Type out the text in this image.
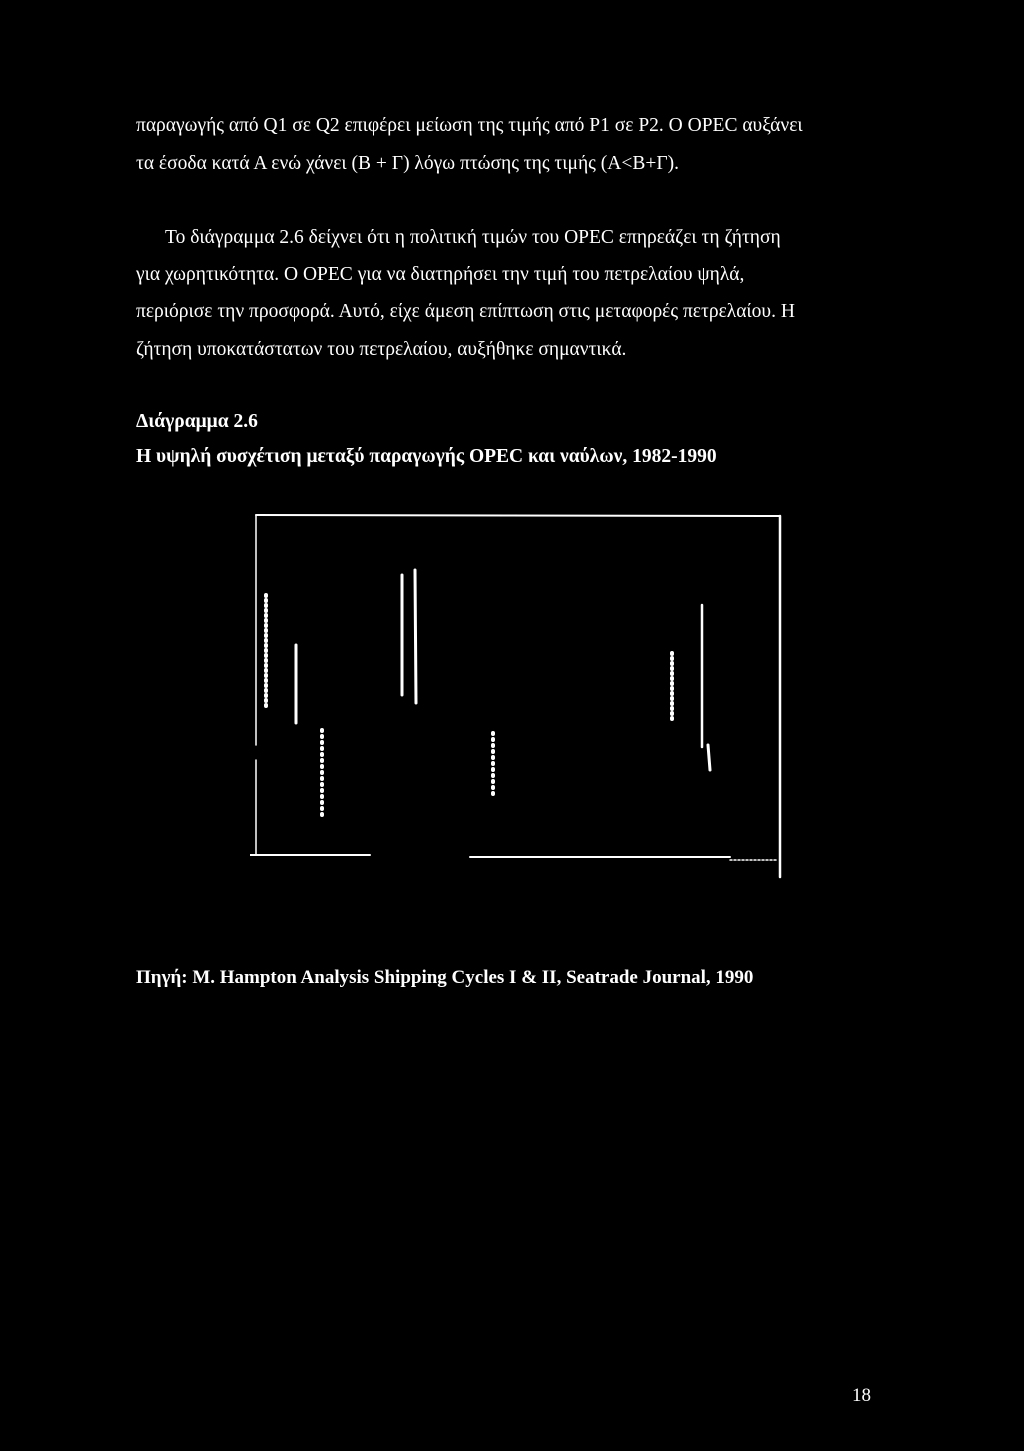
παραγωγής από Q1 σε Q2 επιφέρει μείωση της τιμής από P1 σε P2. Ο OPEC αυξάνει
τα έσοδα κατά Α ενώ χάνει (Β + Γ) λόγω πτώσης της τιμής (Α<Β+Γ).
Το διάγραμμα 2.6 δείχνει ότι η πολιτική τιμών του OPEC επηρεάζει τη ζήτηση
για χωρητικότητα. Ο OPEC για να διατηρήσει την τιμή του πετρελαίου ψηλά,
περιόρισε την προσφορά. Αυτό, είχε άμεση επίπτωση στις μεταφορές πετρελαίου. Η
ζήτηση υποκατάστατων του πετρελαίου, αυξήθηκε σημαντικά.
Διάγραμμα 2.6
Η υψηλή συσχέτιση μεταξύ παραγωγής OPEC και ναύλων, 1982-1990
Πηγή: M. Hampton Analysis Shipping Cycles I & II, Seatrade Journal, 1990
18
